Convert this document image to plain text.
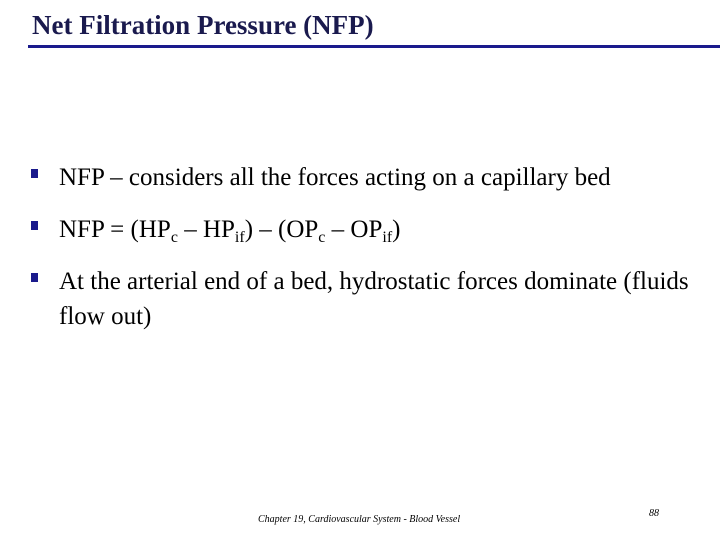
Net Filtration Pressure (NFP)
NFP – considers all the forces acting on a capillary bed
NFP = $(HP_c - HP_{if}) - (OP_c - OP_{if})$
At the arterial end of a bed, hydrostatic forces dominate (fluids flow out)
Chapter 19, Cardiovascular System - Blood Vessel
88
